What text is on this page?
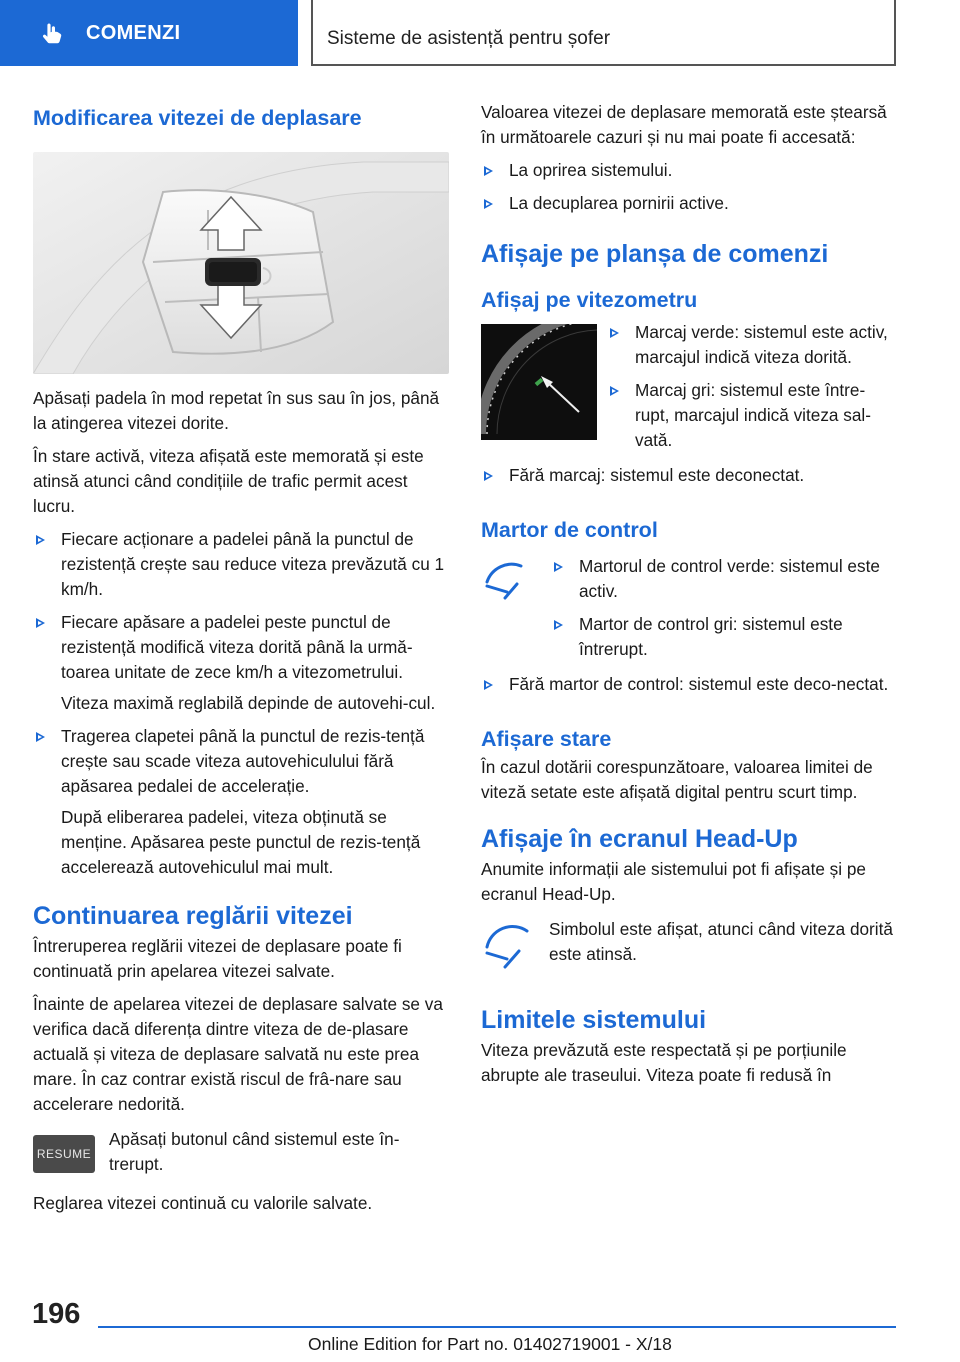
COMENZI	Sisteme de asistență pentru șofer
Modificarea vitezei de deplasare

Apăsați padela în mod repetat în sus sau în jos, până la atingerea vitezei dorite.

În stare activă, viteza afișată este memorată și este atinsă atunci când condițiile de trafic permit acest lucru.

Fiecare acționare a padelei până la punctul de rezistență crește sau reduce viteza prevăzută cu 1 km/h.
Fiecare apăsare a padelei peste punctul de rezistență modifică viteza dorită până la urmă-toarea unitate de zece km/h a vitezometrului.
Viteza maximă reglabilă depinde de autovehi-cul.
Tragerea clapetei până la punctul de rezis-tență crește sau scade viteza autovehiculului fără apăsarea pedalei de accelerație.
După eliberarea padelei, viteza obținută se menține. Apăsarea peste punctul de rezis-tență accelerează autovehiculul mai mult.
Continuarea reglării vitezei

Întreruperea reglării vitezei de deplasare poate fi continuată prin apelarea vitezei salvate.

Înainte de apelarea vitezei de deplasare salvate se va verifica dacă diferența dintre viteza de de-plasare actuală și viteza de deplasare salvată nu este prea mare. În caz contrar există riscul de frâ-nare sau accelerare nedorită.

RESUME

Apăsați butonul când sistemul este în-trerupt.

Reglarea vitezei continuă cu valorile salvate.

Valoarea vitezei de deplasare memorată este ștearsă în următoarele cazuri și nu mai poate fi accesată:

La oprirea sistemului.
La decuplarea pornirii active.
Afișaje pe planșa de comenzi
Afișaj pe vitezometru
Marcaj verde: sistemul este activ, marcajul indică viteza dorită.
Marcaj gri: sistemul este între-rupt, marcajul indică viteza sal-vată.
Fără marcaj: sistemul este deconectat.
Martor de control
Martorul de control verde: sistemul este activ.
Martor de control gri: sistemul este întrerupt.
Fără martor de control: sistemul este deco-nectat.
Afișare stare

În cazul dotării corespunzătoare, valoarea limitei de viteză setate este afișată digital pentru scurt timp.

Afișaje în ecranul Head-Up

Anumite informații ale sistemului pot fi afișate și pe ecranul Head-Up.

Simbolul este afișat, atunci când viteza dorită este atinsă.

Limitele sistemului

Viteza prevăzută este respectată și pe porțiunile abrupte ale traseului. Viteza poate fi redusă în

196
Online Edition for Part no. 01402719001 - X/18
